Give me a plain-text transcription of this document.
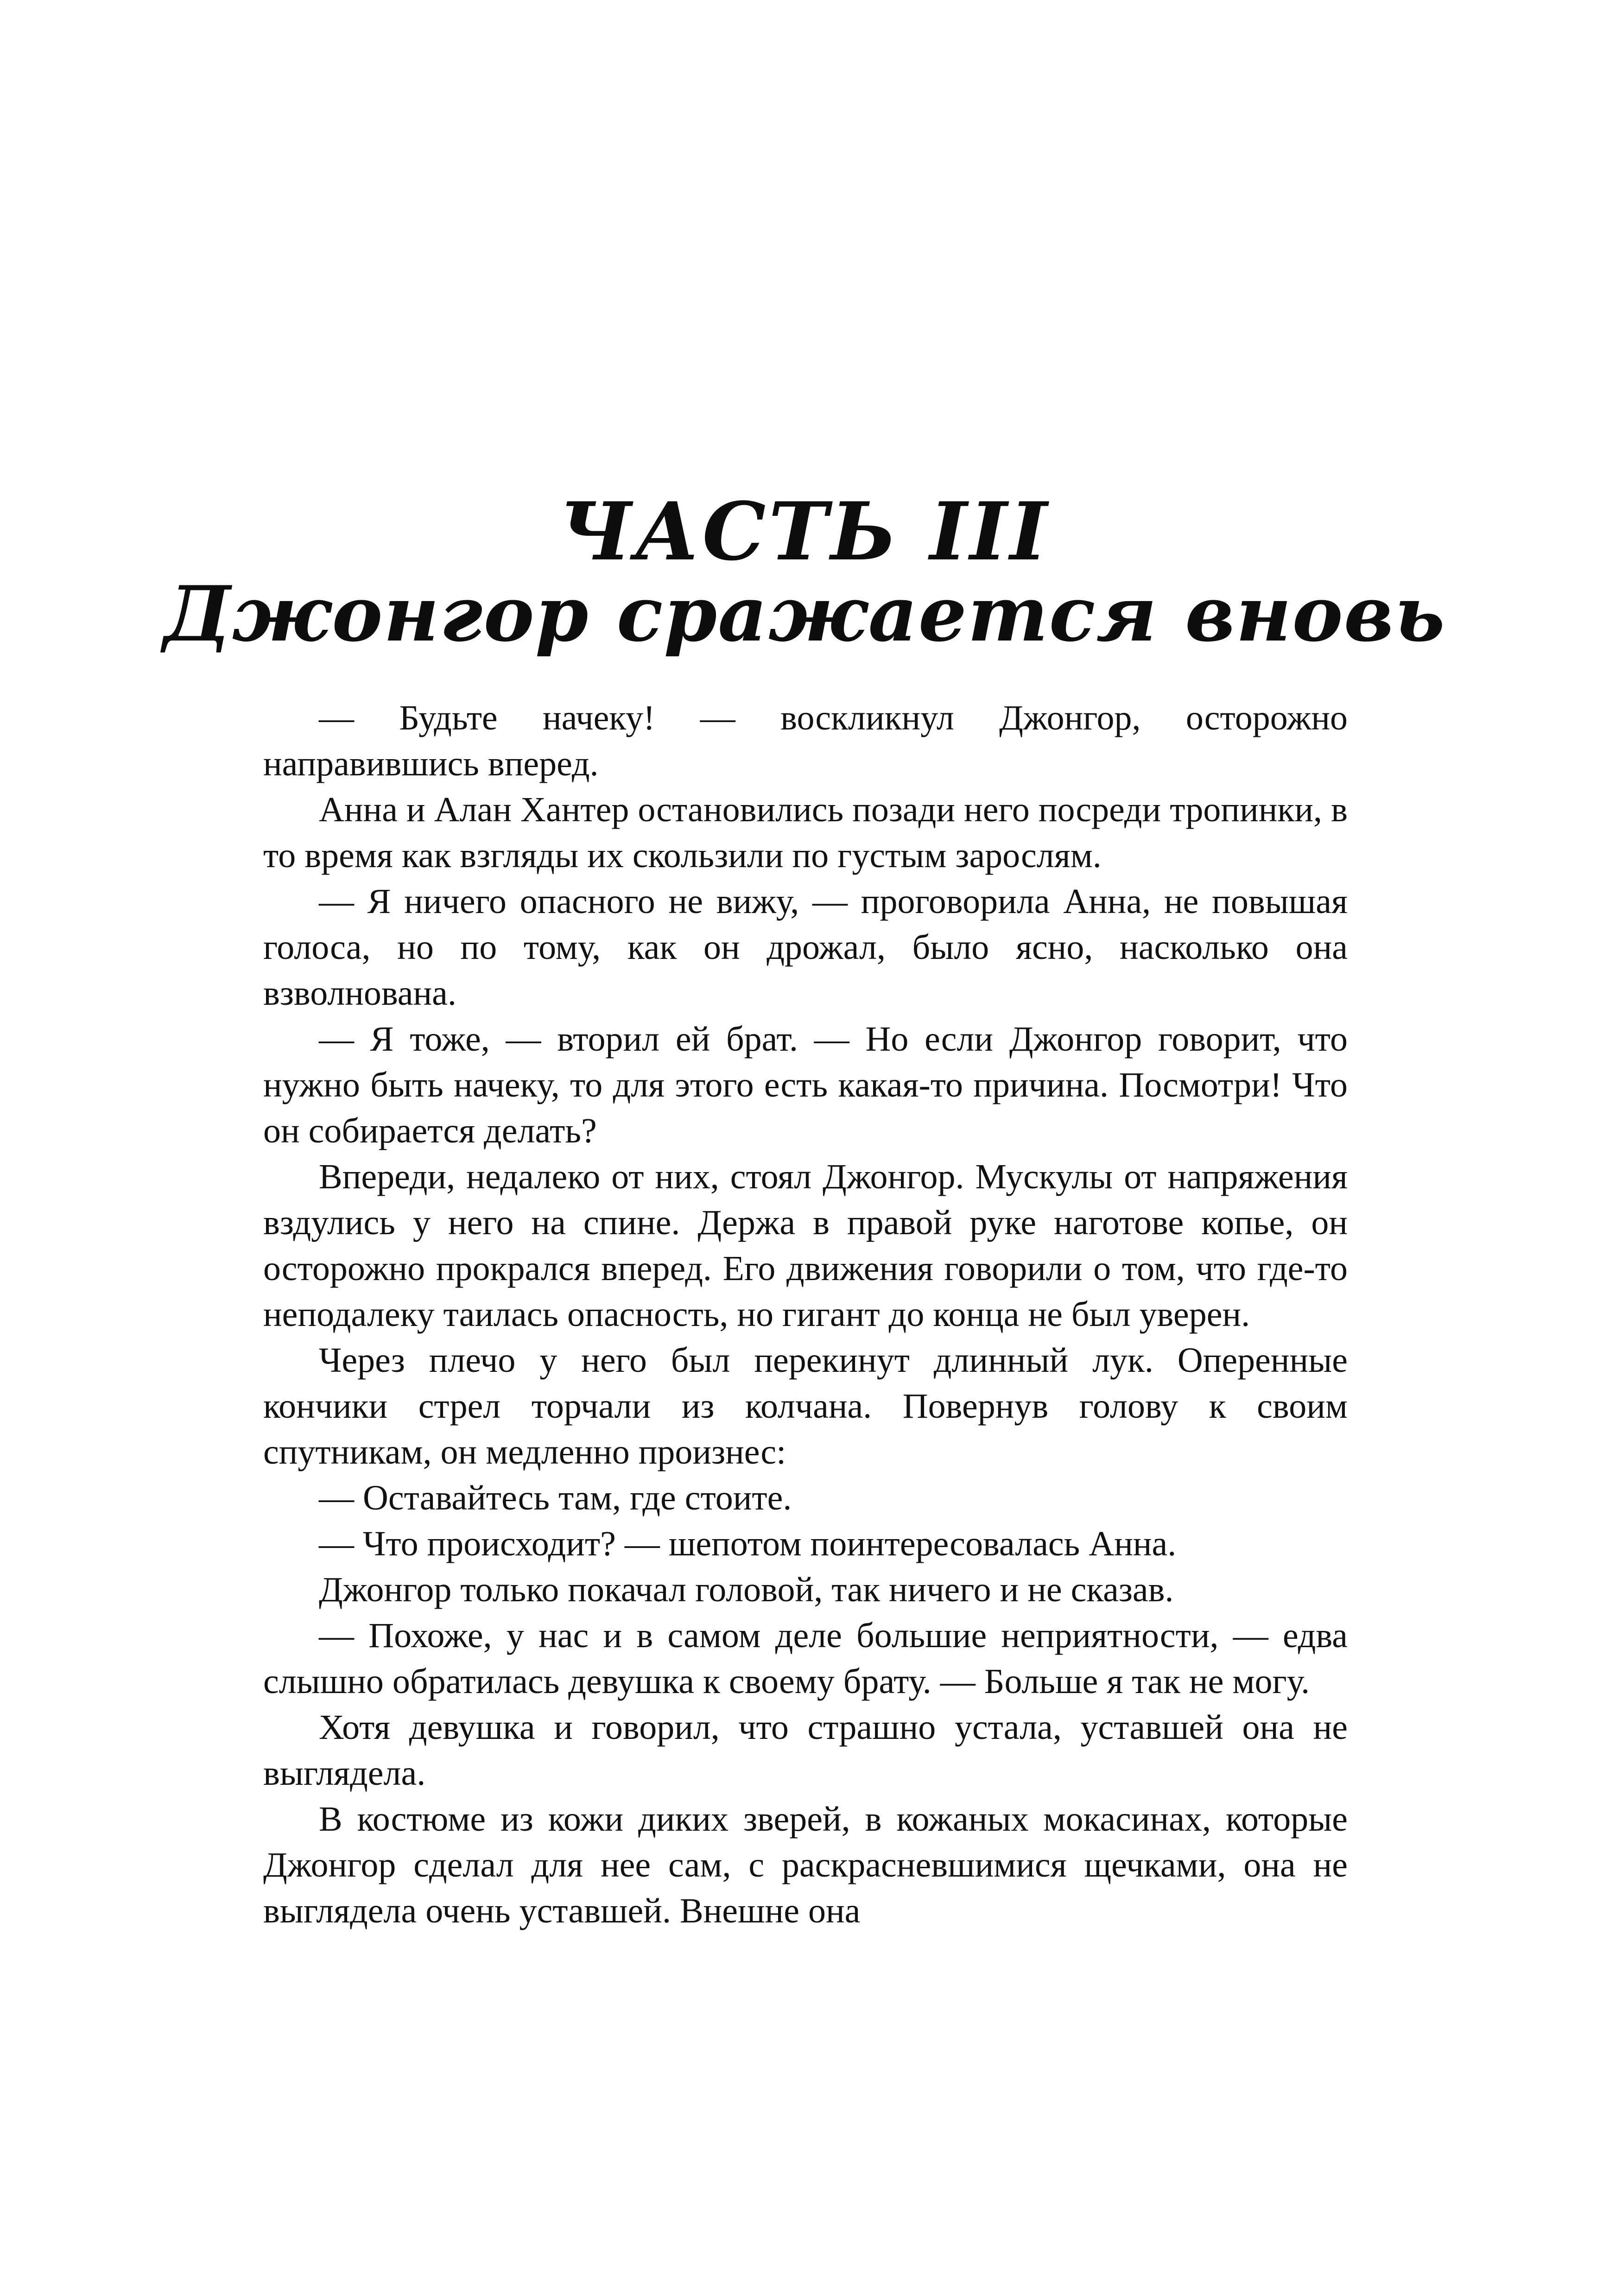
ЧАСТЬ III
Джонгор сражается вновь

— Будьте начеку! — воскликнул Джонгор, осторожно направившись вперед.

Анна и Алан Хантер остановились позади него посреди тропинки, в то время как взгляды их скользили по густым зарослям.

— Я ничего опасного не вижу, — проговорила Анна, не повышая голоса, но по тому, как он дрожал, было ясно, насколько она взволнована.

— Я тоже, — вторил ей брат. — Но если Джонгор говорит, что нужно быть начеку, то для этого есть какая-то причина. Посмотри! Что он собирается делать?

Впереди, недалеко от них, стоял Джонгор. Мускулы от напряжения вздулись у него на спине. Держа в правой руке наготове копье, он осторожно прокрался вперед. Его движения говорили о том, что где-то неподалеку таилась опасность, но гигант до конца не был уверен.

Через плечо у него был перекинут длинный лук. Оперенные кончики стрел торчали из колчана. Повернув голову к своим спутникам, он медленно произнес:

— Оставайтесь там, где стоите.

— Что происходит? — шепотом поинтересовалась Анна.

Джонгор только покачал головой, так ничего и не сказав.

— Похоже, у нас и в самом деле большие неприятности, — едва слышно обратилась девушка к своему брату. — Больше я так не могу.

Хотя девушка и говорил, что страшно устала, уставшей она не выглядела.

В костюме из кожи диких зверей, в кожаных мокасинах, которые Джонгор сделал для нее сам, с раскрасневшимися щечками, она не выглядела очень уставшей. Внешне она
